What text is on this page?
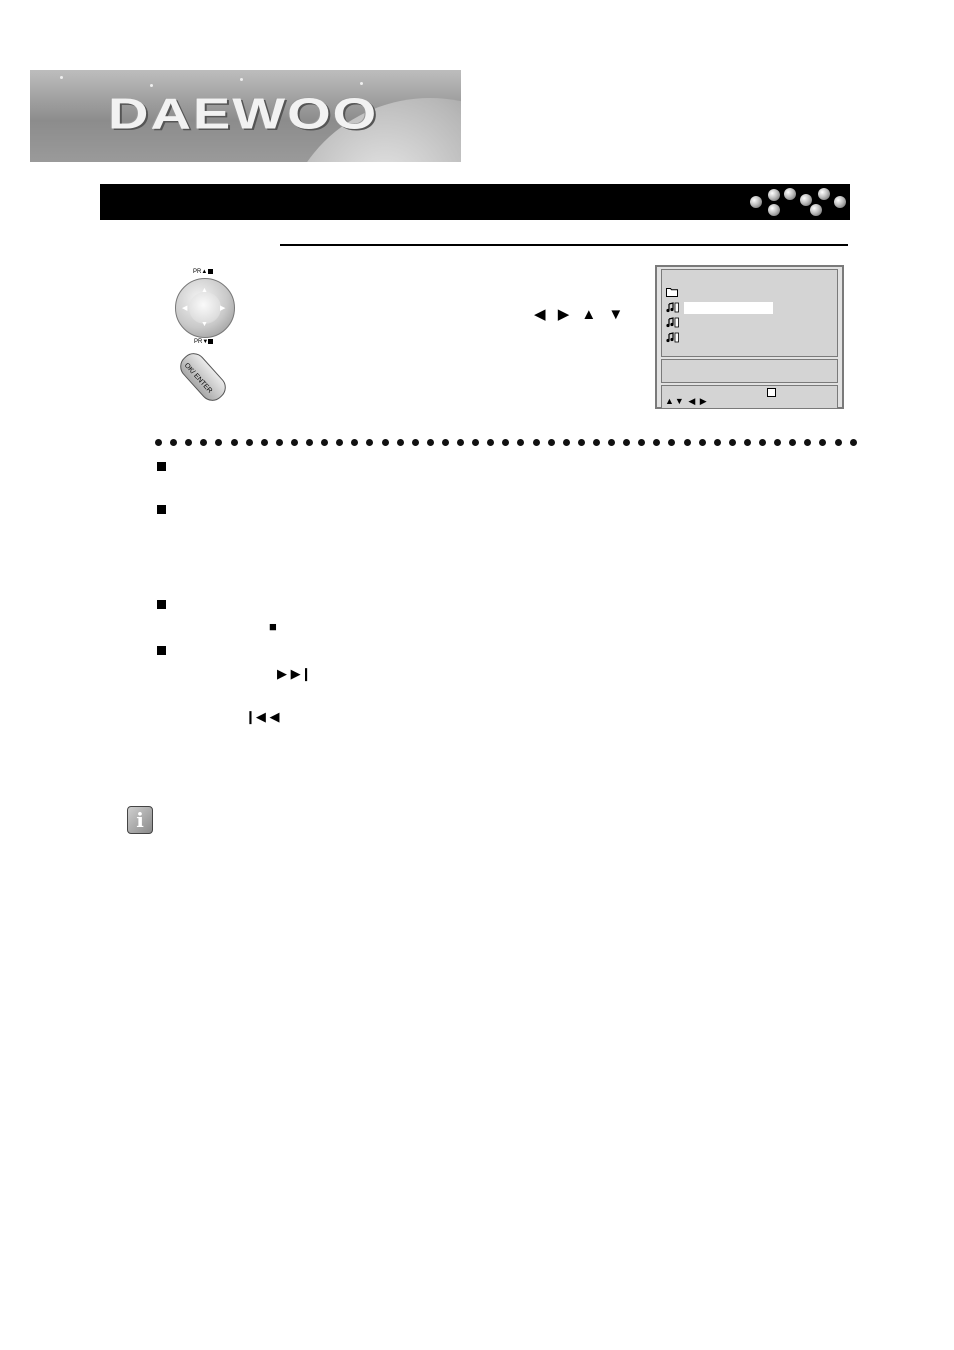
DAEWOO
PR▲
▲
▼
◀	▶
PR▼
OK/ ENTER
◀ ▶ ▲ ▼
▲▼ ◀ ▶
■
▶ ▶❙
❙◀ ◀
i
